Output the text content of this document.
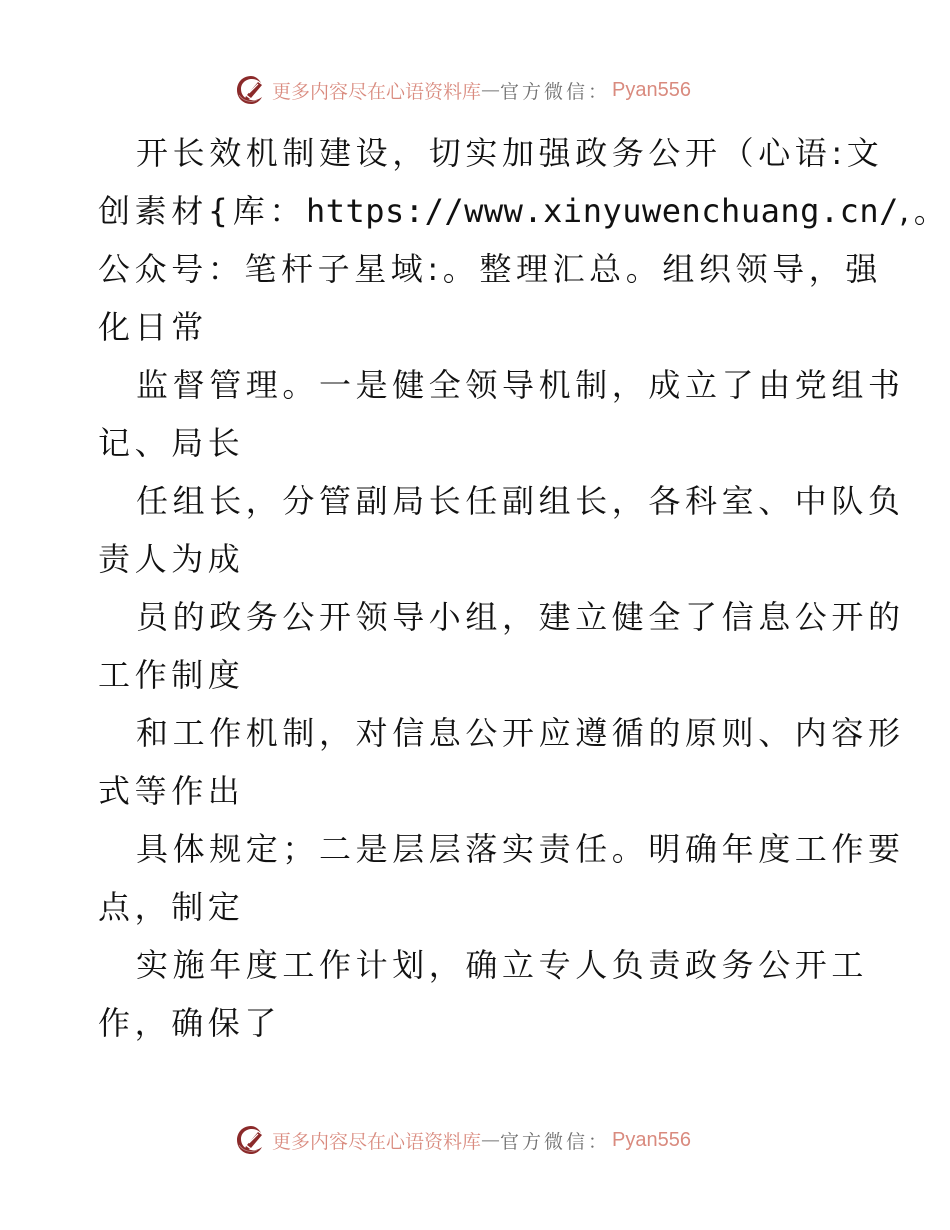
更多内容尽在心语资料库 — 官方微信： Pyan556
开长效机制建设，切实加强政务公开（心语:文
创素材{库：https://www.xinyuwenchuang.cn/,。
公众号：笔杆子星域:。整理汇总。组织领导，强
化日常
监督管理。一是健全领导机制，成立了由党组书
记、局长
任组长，分管副局长任副组长，各科室、中队负
责人为成
员的政务公开领导小组，建立健全了信息公开的
工作制度
和工作机制，对信息公开应遵循的原则、内容形
式等作出
具体规定；二是层层落实责任。明确年度工作要
点，制定
实施年度工作计划，确立专人负责政务公开工
作，确保了
更多内容尽在心语资料库 — 官方微信： Pyan556
